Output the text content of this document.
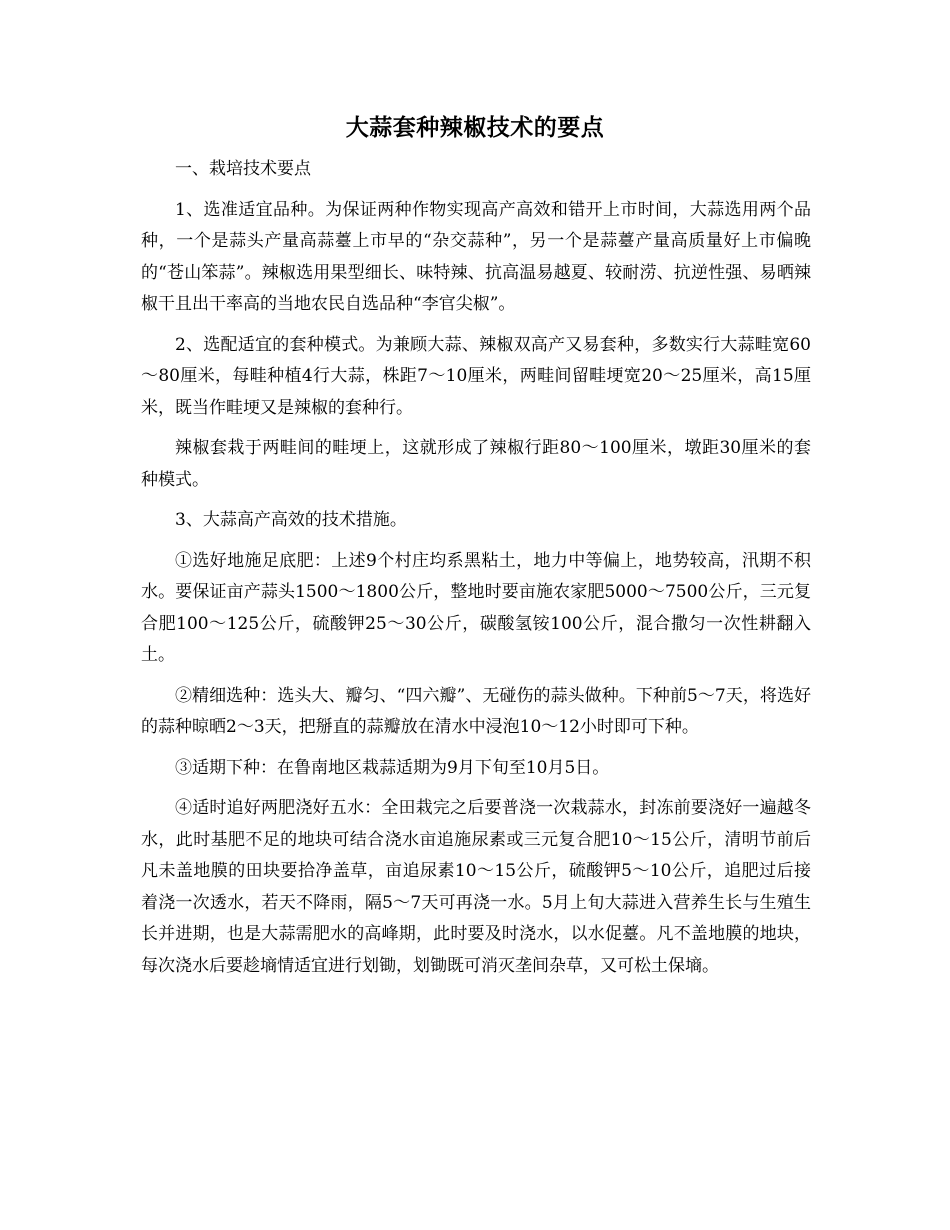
大蒜套种辣椒技术的要点

一、栽培技术要点

1、选准适宜品种。为保证两种作物实现高产高效和错开上市时间，大蒜选用两个品种，一个是蒜头产量高蒜薹上市早的“杂交蒜种”，另一个是蒜薹产量高质量好上市偏晚的“苍山笨蒜”。辣椒选用果型细长、味特辣、抗高温易越夏、较耐涝、抗逆性强、易晒辣椒干且出干率高的当地农民自选品种“李官尖椒”。

2、选配适宜的套种模式。为兼顾大蒜、辣椒双高产又易套种，多数实行大蒜畦宽60～80厘米，每畦种植4行大蒜，株距7～10厘米，两畦间留畦埂宽20～25厘米，高15厘米，既当作畦埂又是辣椒的套种行。

辣椒套栽于两畦间的畦埂上，这就形成了辣椒行距80～100厘米，墩距30厘米的套种模式。

3、大蒜高产高效的技术措施。

①选好地施足底肥：上述9个村庄均系黑粘土，地力中等偏上，地势较高，汛期不积水。要保证亩产蒜头1500～1800公斤，整地时要亩施农家肥5000～7500公斤，三元复合肥100～125公斤，硫酸钾25～30公斤，碳酸氢铵100公斤，混合撒匀一次性耕翻入土。

②精细选种：选头大、瓣匀、“四六瓣”、无碰伤的蒜头做种。下种前5～7天，将选好的蒜种晾晒2～3天，把掰直的蒜瓣放在清水中浸泡10～12小时即可下种。

③适期下种：在鲁南地区栽蒜适期为9月下旬至10月5日。

④适时追好两肥浇好五水：全田栽完之后要普浇一次栽蒜水，封冻前要浇好一遍越冬水，此时基肥不足的地块可结合浇水亩追施尿素或三元复合肥10～15公斤，清明节前后凡未盖地膜的田块要拾净盖草，亩追尿素10～15公斤，硫酸钾5～10公斤，追肥过后接着浇一次透水，若天不降雨，隔5～7天可再浇一水。5月上旬大蒜进入营养生长与生殖生长并进期，也是大蒜需肥水的高峰期，此时要及时浇水，以水促薹。凡不盖地膜的地块，每次浇水后要趁墒情适宜进行划锄，划锄既可消灭垄间杂草，又可松土保墒。
